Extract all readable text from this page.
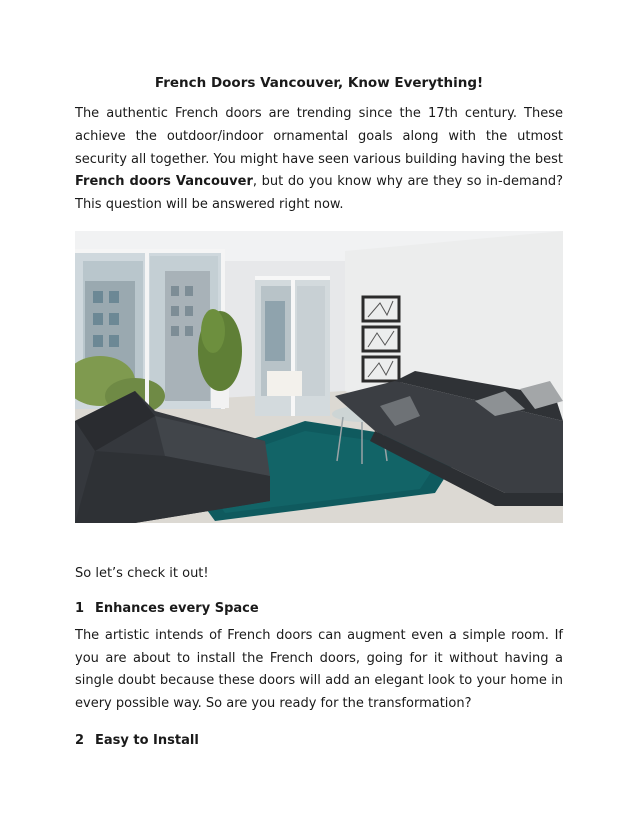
French Doors Vancouver, Know Everything!

The authentic French doors are trending since the 17th century. These achieve the outdoor/indoor ornamental goals along with the utmost security all together. You might have seen various building having the best French doors Vancouver, but do you know why are they so in-demand? This question will be answered right now.

So let’s check it out!

1 Enhances every Space

The artistic intends of French doors can augment even a simple room. If you are about to install the French doors, going for it without having a single doubt because these doors will add an elegant look to your home in every possible way. So are you ready for the transformation?

2 Easy to Install
